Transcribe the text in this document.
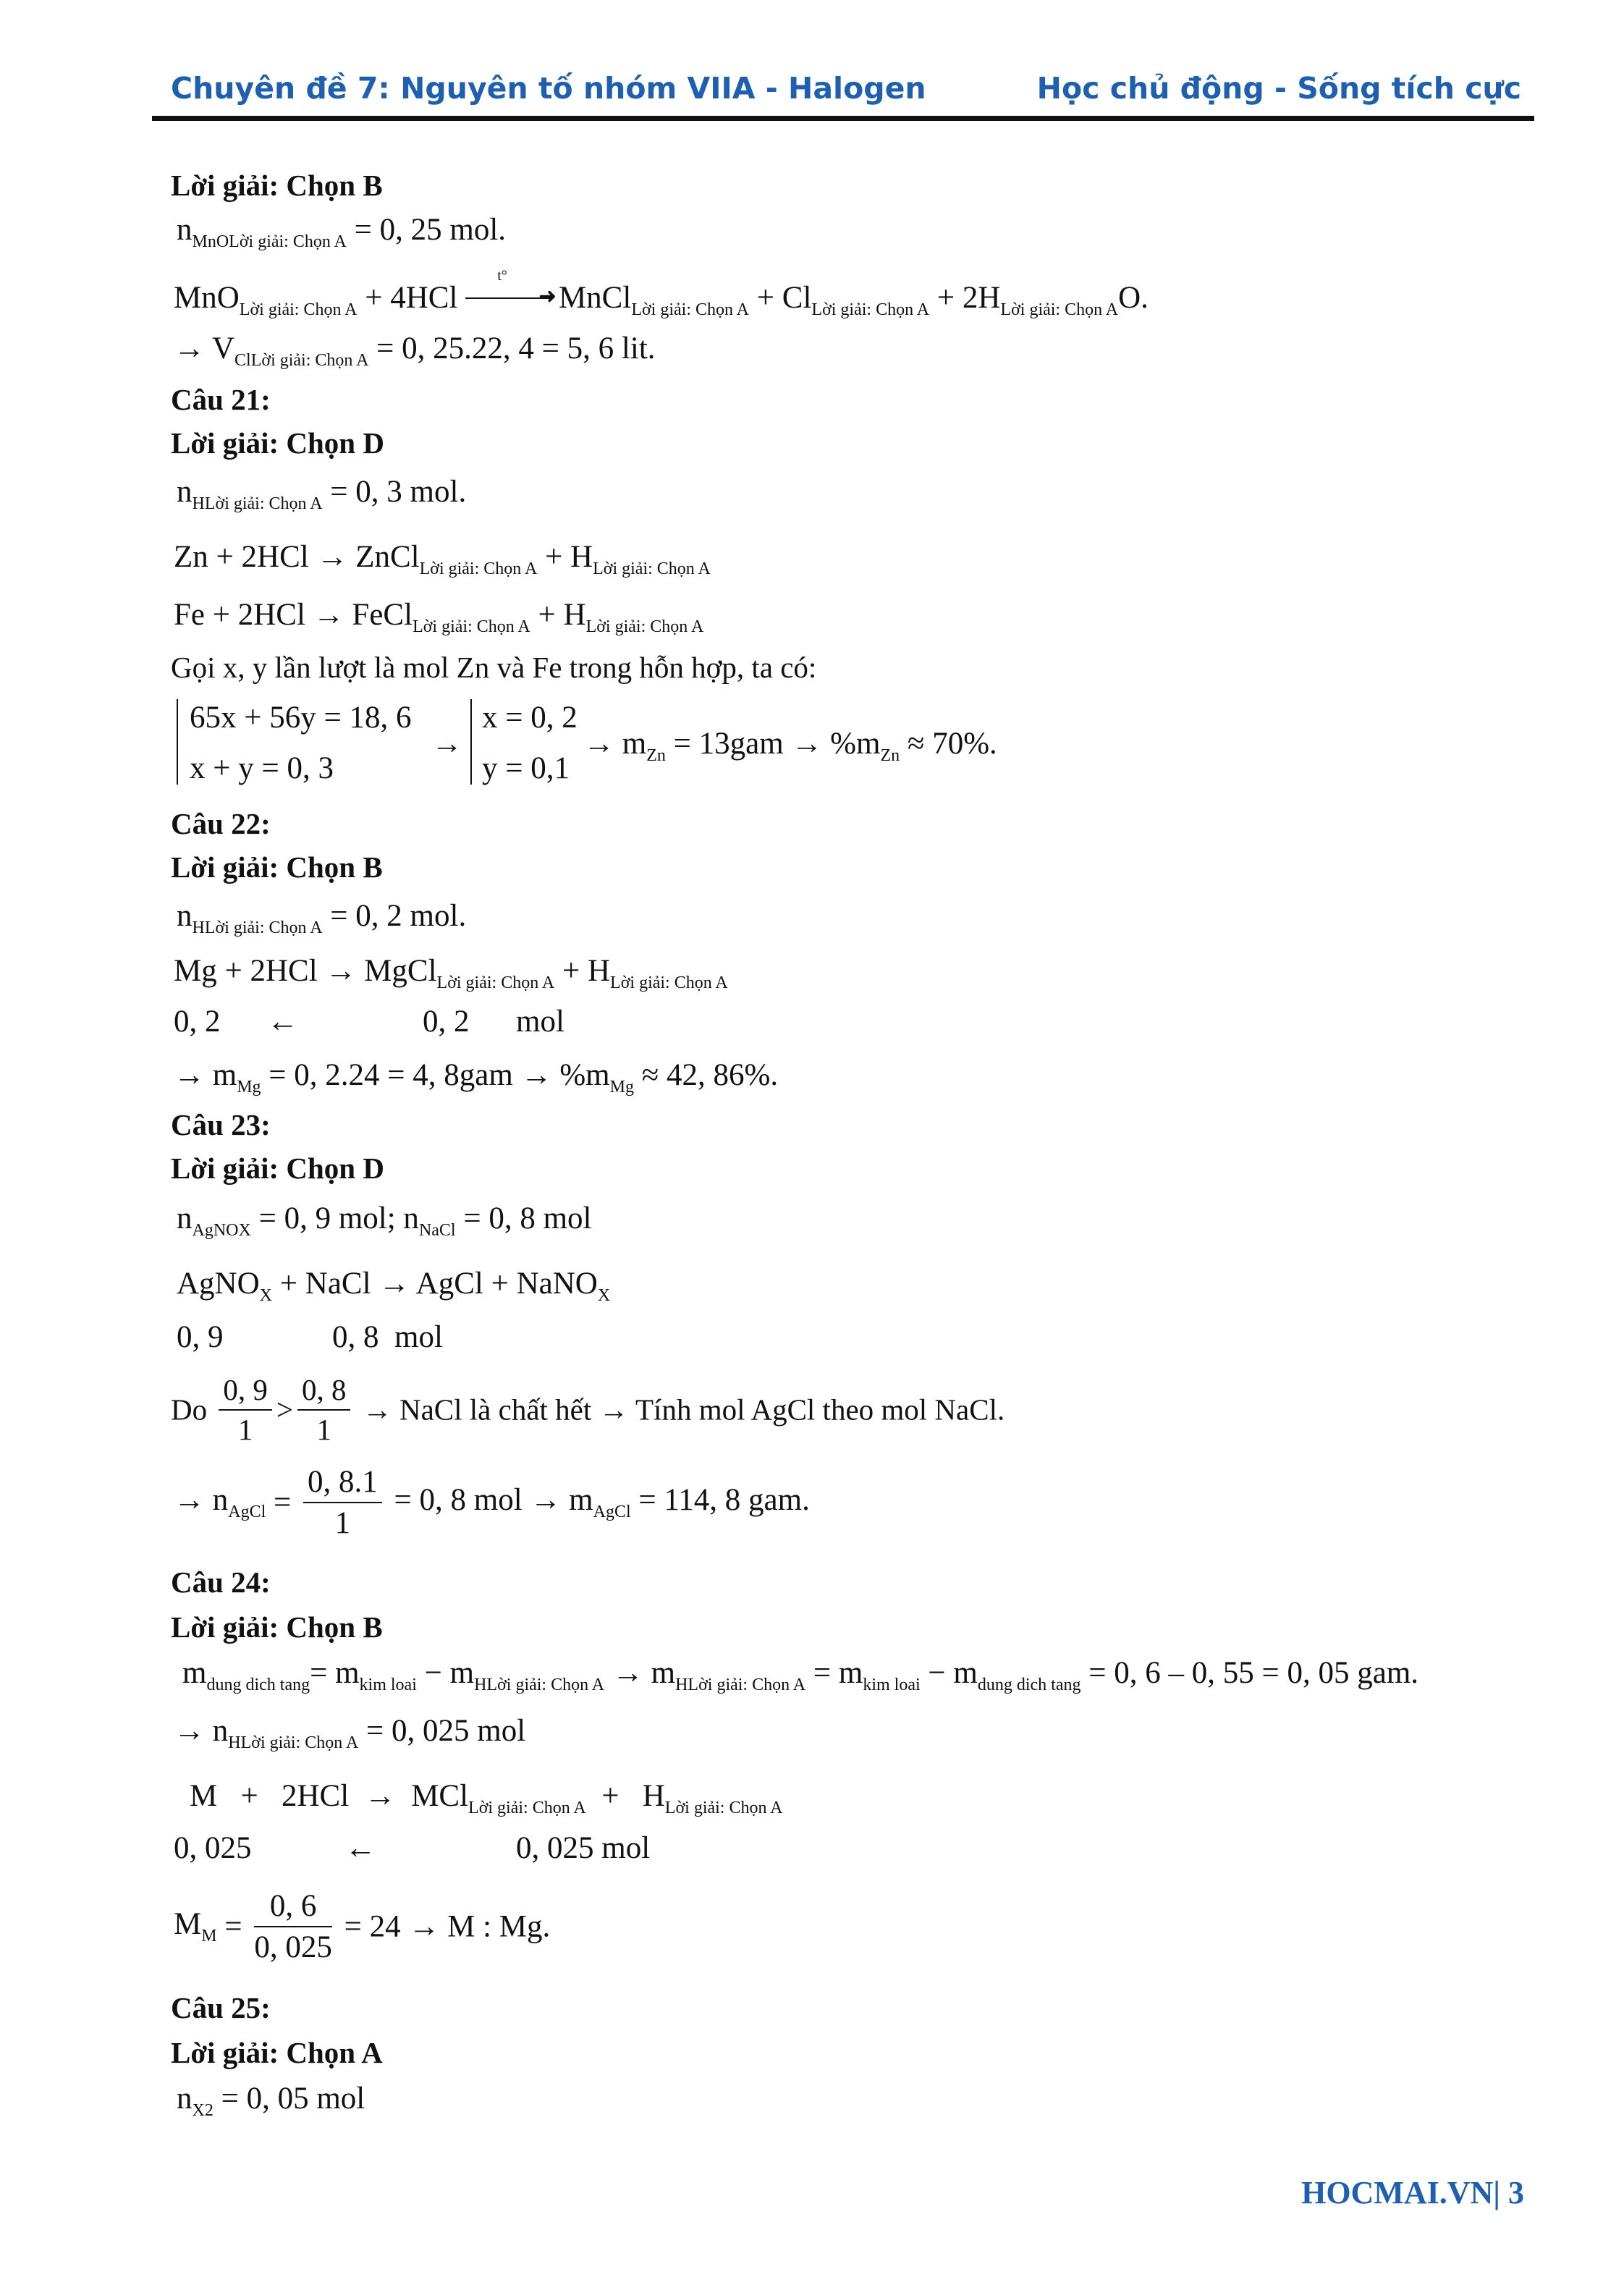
Chuyên đề 7: Nguyên tố nhóm VIIA - Halogen	Học chủ động - Sống tích cực
Lời giải: Chọn B
$n_{MnOLời giải: Chọn A} = 0$, 25 mol.
MnO$_{Lời giải: Chọn A}$ + 4HCl
t°
➜ MnCl$_{Lời giải: Chọn A}$ + $Cl_{Lời giải: Chọn A} + 2H_{Lời giải: Chọn A}O$.
→ $V_{ClLời giải: Chọn A} = 0$, 25.22, 4 = 5, 6 lit.
Câu 21:
Lời giải: Chọn D
$n_{HLời giải: Chọn A} = 0$, 3 mol.
Zn + 2HCl → ZnCl$_{Lời giải: Chọn A}$ + $H_{Lời giải: Chọn A}$
Fe + 2HCl → FeCl$_{Lời giải: Chọn A}$ + $H_{Lời giải: Chọn A}$
Gọi x, y lần lượt là mol Zn và Fe trong hỗn hợp, ta có:
65x + 56y = 18, 6
x + y = 0, 3
→
x = 0, 2
y = 0,1
→ $m_{Zn} = 13gam \to \%m_{Zn} \approx 70\%$.
Câu 22:
Lời giải: Chọn B
$n_{HLời giải: Chọn A} = 0$, 2 mol.
Mg + 2HCl → MgCl$_{Lời giải: Chọn A}$ + $H_{Lời giải: Chọn A}$
0, 2      ←                0, 2      mol
→ $m_{Mg} = 0$, 2.24 = 4, $8gam \to \%m_{Mg} \approx 42$, 86%.
Câu 23:
Lời giải: Chọn D
$n_{AgNOX} = 0$, 9 mol; $n_{NaCl} = 0$, 8 mol
AgNO$_X$ + NaCl → AgCl + NaNO$_X$
0, 9              0, 8  mol
Do $\frac{0, 9}{1} > \frac{0, 8}{1}$ → NaCl là chất hết → Tính mol AgCl theo mol NaCl.
→ $n_{AgCl} = \frac{0, 8.1}{1} = 0$, 8 mol → $m_{AgCl} = 114$, 8 gam.
Câu 24:
Lời giải: Chọn B
$m_{dung dich tang}= m_{kim loai} - m_{HLời giải: Chọn A} \to m_{HLời giải: Chọn A} = m_{kim loai} - m_{dung dich tang} = 0$, 6 – 0, 55 = 0, 05 gam.
→ $n_{HLời giải: Chọn A} = 0$, 025 mol
$M + 2HCl \to MCl_{Lời giải: Chọn A} + H_{Lời giải: Chọn A}$
0, 025            ←                  0, 025 mol
$M_M = \frac{0, 6}{0, 025} = 24 \to M$ : Mg.
Câu 25:
Lời giải: Chọn A
$n_{X2} = 0$, 05 mol
HOCMAI.VN| 3
